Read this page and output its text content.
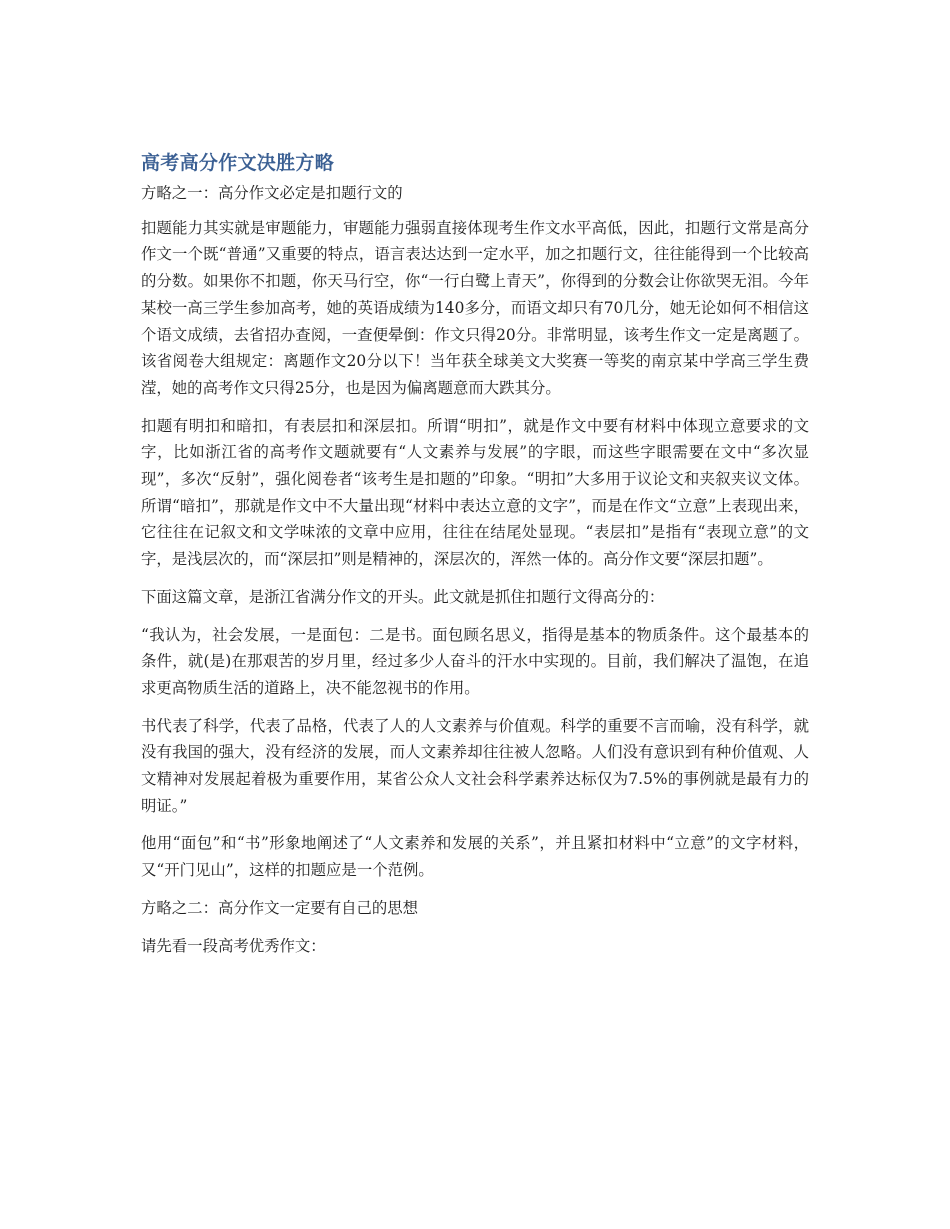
高考高分作文决胜方略

方略之一：高分作文必定是扣题行文的

扣题能力其实就是审题能力，审题能力强弱直接体现考生作文水平高低，因此，扣题行文常是高分作文一个既“普通”又重要的特点，语言表达达到一定水平，加之扣题行文，往往能得到一个比较高的分数。如果你不扣题，你天马行空，你“一行白鹭上青天”，你得到的分数会让你欲哭无泪。今年某校一高三学生参加高考，她的英语成绩为140多分，而语文却只有70几分，她无论如何不相信这个语文成绩，去省招办查阅，一查便晕倒：作文只得20分。非常明显，该考生作文一定是离题了。该省阅卷大组规定：离题作文20分以下！当年获全球美文大奖赛一等奖的南京某中学高三学生费滢，她的高考作文只得25分，也是因为偏离题意而大跌其分。

扣题有明扣和暗扣，有表层扣和深层扣。所谓“明扣”，就是作文中要有材料中体现立意要求的文字，比如浙江省的高考作文题就要有“人文素养与发展”的字眼，而这些字眼需要在文中“多次显现”，多次“反射”，强化阅卷者“该考生是扣题的”印象。“明扣”大多用于议论文和夹叙夹议文体。所谓“暗扣”，那就是作文中不大量出现“材料中表达立意的文字”，而是在作文“立意”上表现出来，它往往在记叙文和文学味浓的文章中应用，往往在结尾处显现。“表层扣”是指有“表现立意”的文字，是浅层次的，而“深层扣”则是精神的，深层次的，浑然一体的。高分作文要“深层扣题”。

下面这篇文章，是浙江省满分作文的开头。此文就是抓住扣题行文得高分的：

“我认为，社会发展，一是面包：二是书。面包顾名思义，指得是基本的物质条件。这个最基本的条件，就(是)在那艰苦的岁月里，经过多少人奋斗的汗水中实现的。目前，我们解决了温饱，在追求更高物质生活的道路上，决不能忽视书的作用。

书代表了科学，代表了品格，代表了人的人文素养与价值观。科学的重要不言而喻，没有科学，就没有我国的强大，没有经济的发展，而人文素养却往往被人忽略。人们没有意识到有种价值观、人文精神对发展起着极为重要作用，某省公众人文社会科学素养达标仅为7.5%的事例就是最有力的明证。”

他用“面包”和“书”形象地阐述了“人文素养和发展的关系”，并且紧扣材料中“立意”的文字材料，又“开门见山”，这样的扣题应是一个范例。

方略之二：高分作文一定要有自己的思想

请先看一段高考优秀作文：
